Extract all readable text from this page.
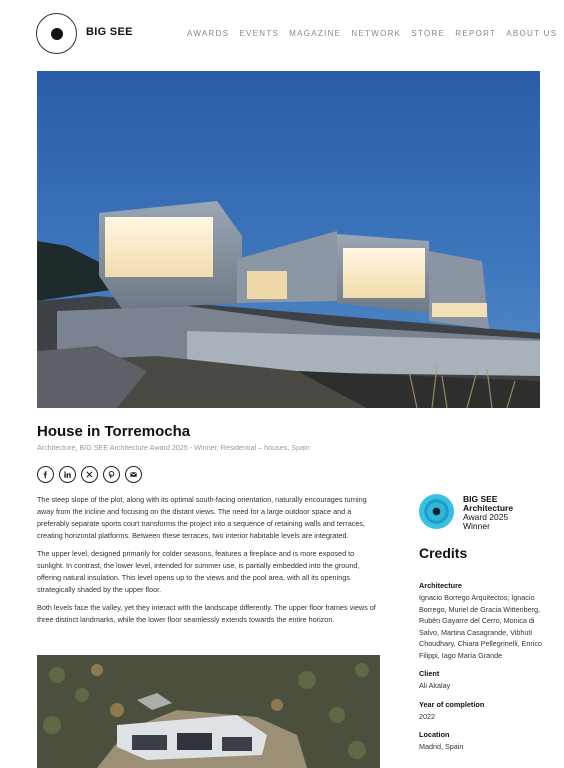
BIG SEE	AWARDS EVENTS MAGAZINE NETWORK STORE REPORT ABOUT US
House in Torremocha
Architecture, BIG SEE Architecture Award 2025 - Winner, Residential – houses, Spain

The steep slope of the plot, along with its optimal south-facing orientation, naturally encourages turning away from the incline and focusing on the distant views. The need for a large outdoor space and a preferably separate sports court transforms the project into a sequence of retaining walls and terraces, creating horizontal platforms. Between these terraces, two interior habitable levels are integrated.

The upper level, designed primarily for colder seasons, features a fireplace and is more exposed to sunlight. In contrast, the lower level, intended for summer use, is partially embedded into the ground, offering natural insulation. This level opens up to the views and the pool area, with all its openings strategically shaded by the upper floor.

Both levels face the valley, yet they interact with the landscape differently. The upper floor frames views of three distinct landmarks, while the lower floor seamlessly extends towards the entire horizon.

BIG SEE
Architecture
Award 2025
Winner
Credits
Architecture
Ignacio Borrego Arquitectos; Ignacio Borrego, Muriel de Gracia Wittenberg, Rubén Gayarre del Cerro, Monica di Salvo, Martina Casagrande, Vibhuti Choudhary, Chiara Pellegrinelli, Enrico Filippi, Iago María Grande
Client
Ali Akalay
Year of completion
2022
Location
Madrid, Spain
